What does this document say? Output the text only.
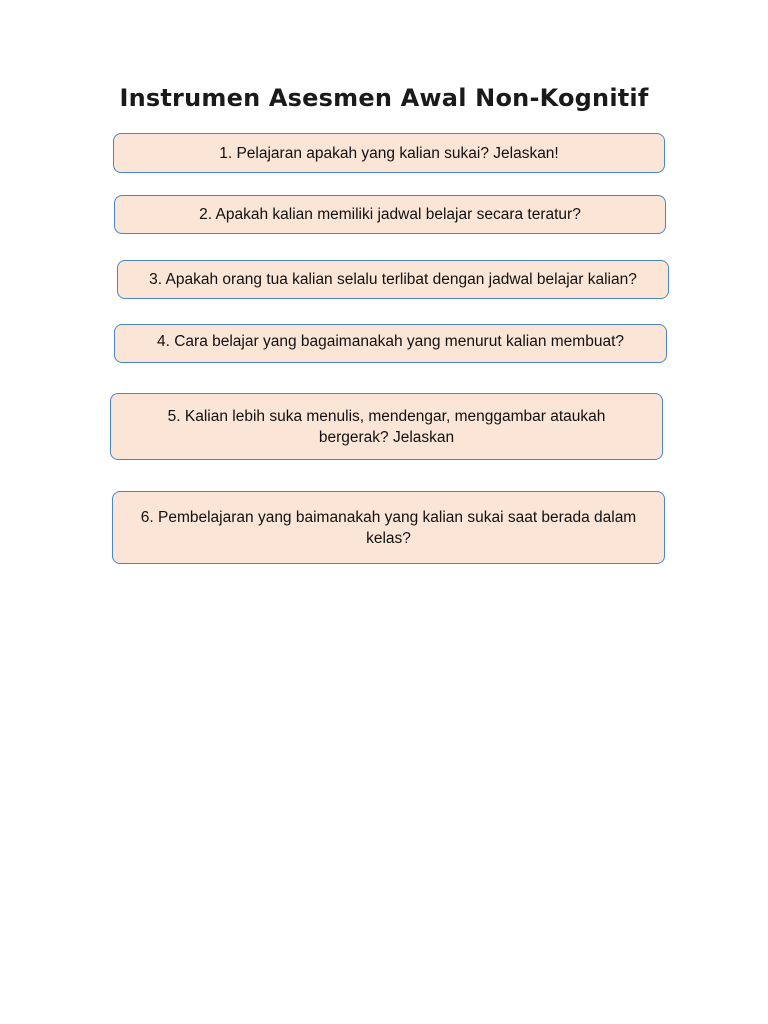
Instrumen Asesmen Awal Non-Kognitif
1. Pelajaran apakah yang kalian sukai? Jelaskan!
2. Apakah kalian memiliki jadwal belajar secara teratur?
3. Apakah orang tua kalian selalu terlibat dengan jadwal belajar kalian?
4. Cara belajar yang bagaimanakah yang menurut kalian membuat?
5. Kalian lebih suka menulis, mendengar, menggambar ataukah bergerak? Jelaskan
6. Pembelajaran yang baimanakah yang kalian sukai saat berada dalam kelas?
